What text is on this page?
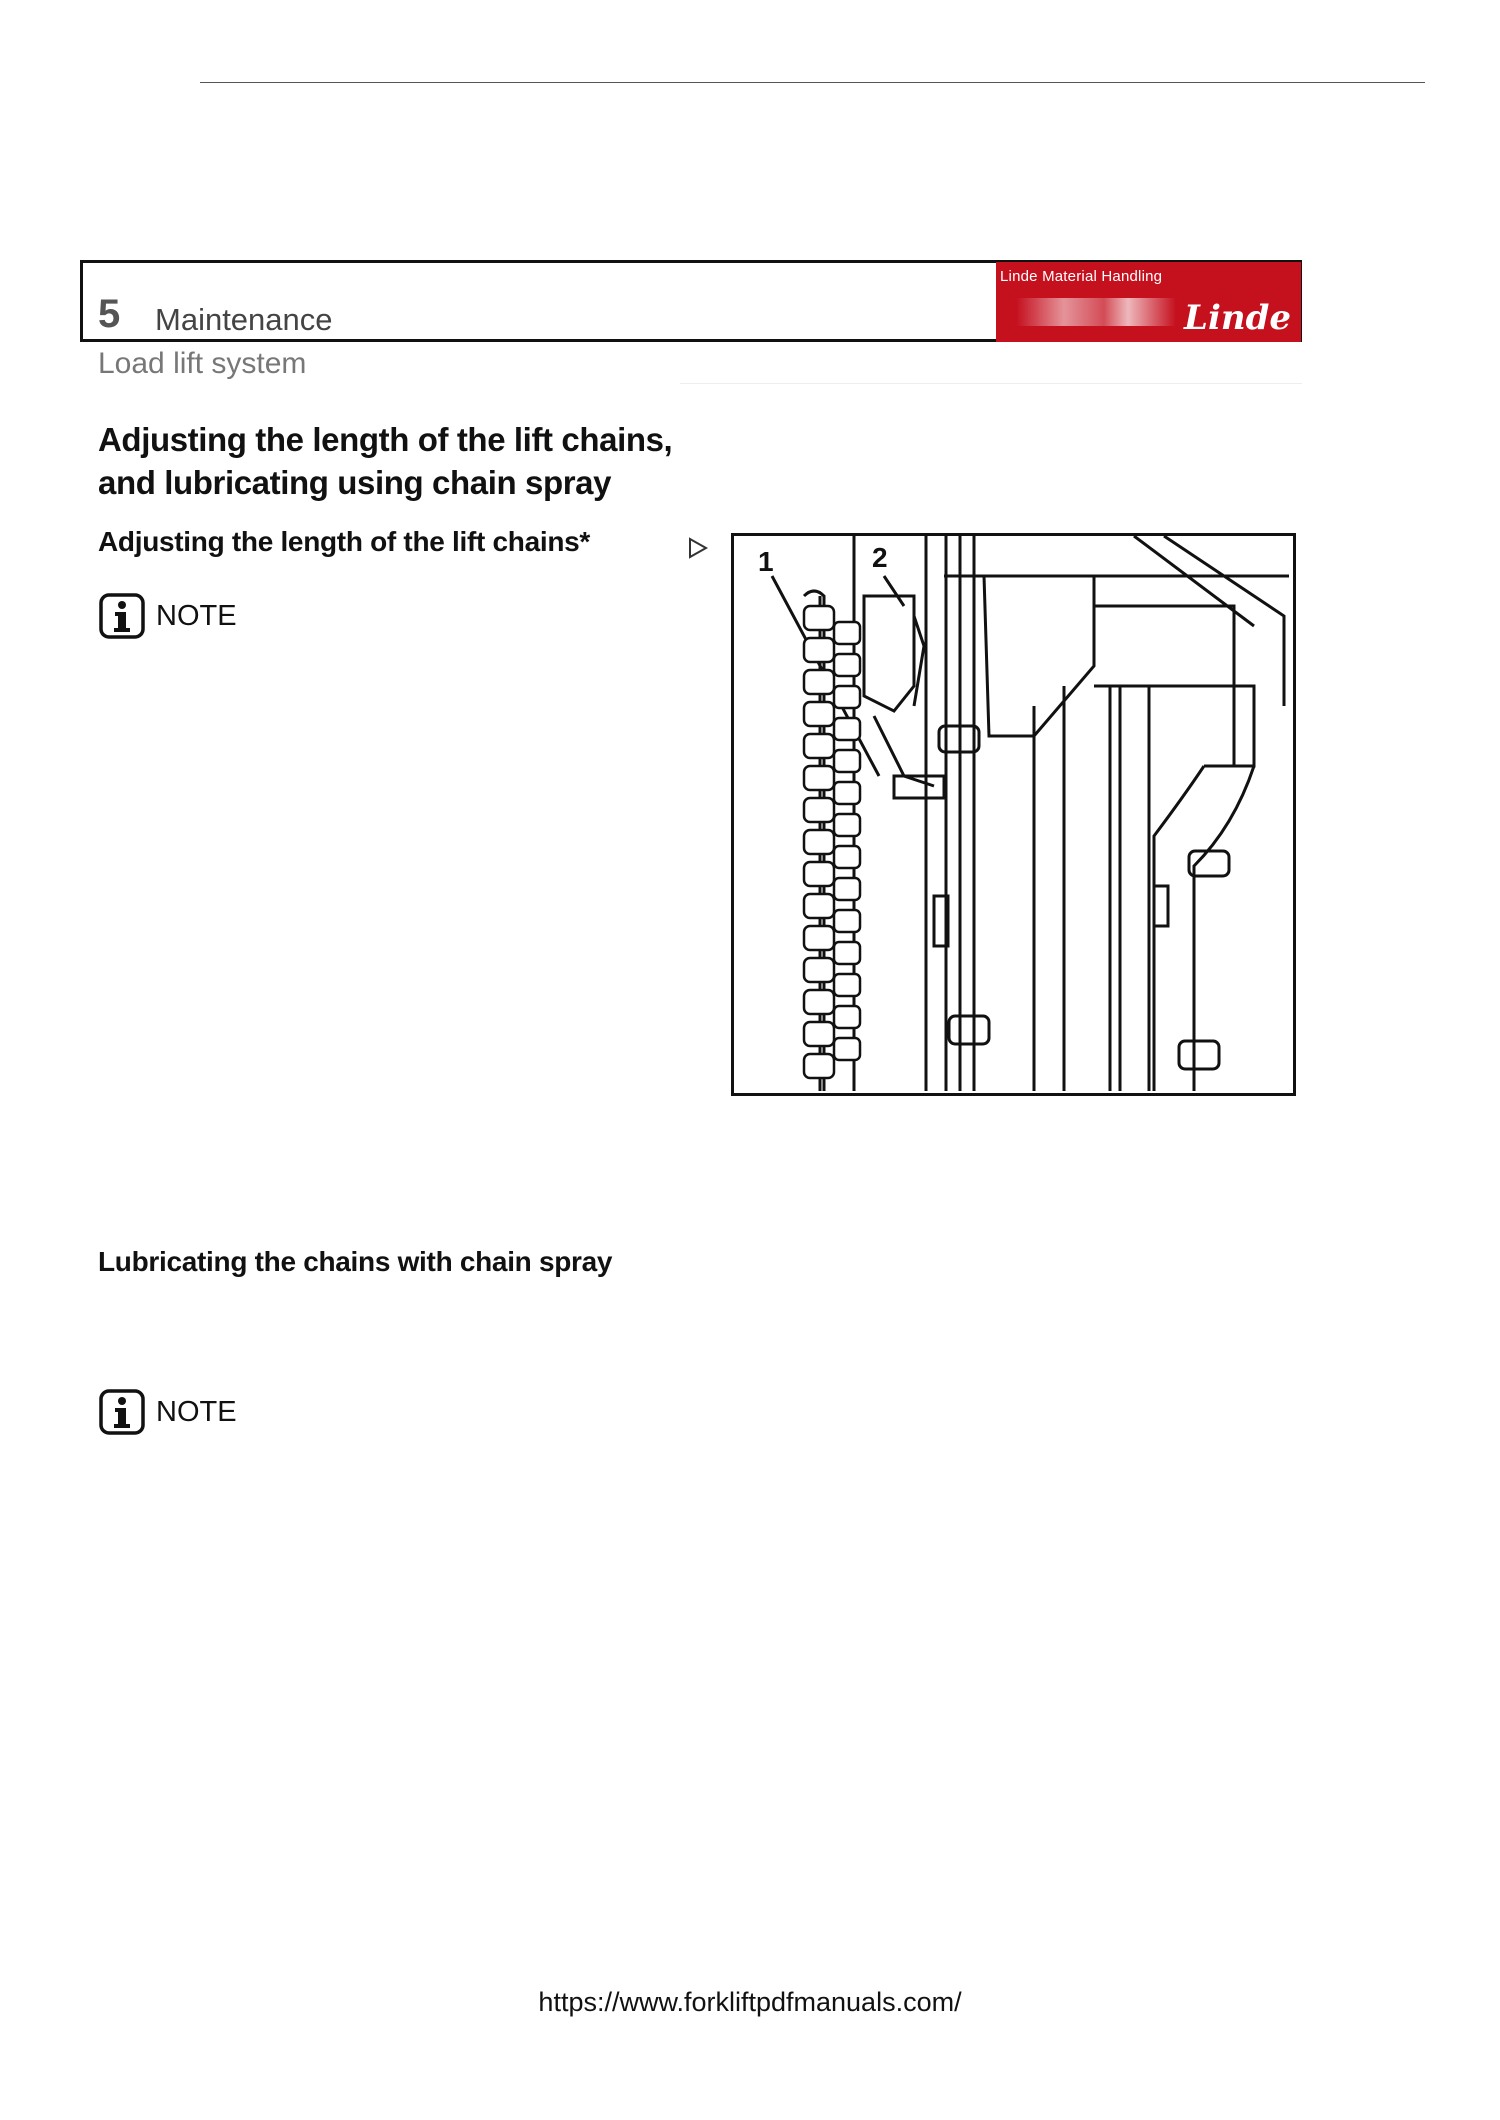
5 Maintenance
Linde Material Handling
Linde
Load lift system
Adjusting the length of the lift chains, and lubricating using chain spray
Adjusting the length of the lift chains*
NOTE
1	2
Lubricating the chains with chain spray
NOTE
https://www.forkliftpdfmanuals.com/
